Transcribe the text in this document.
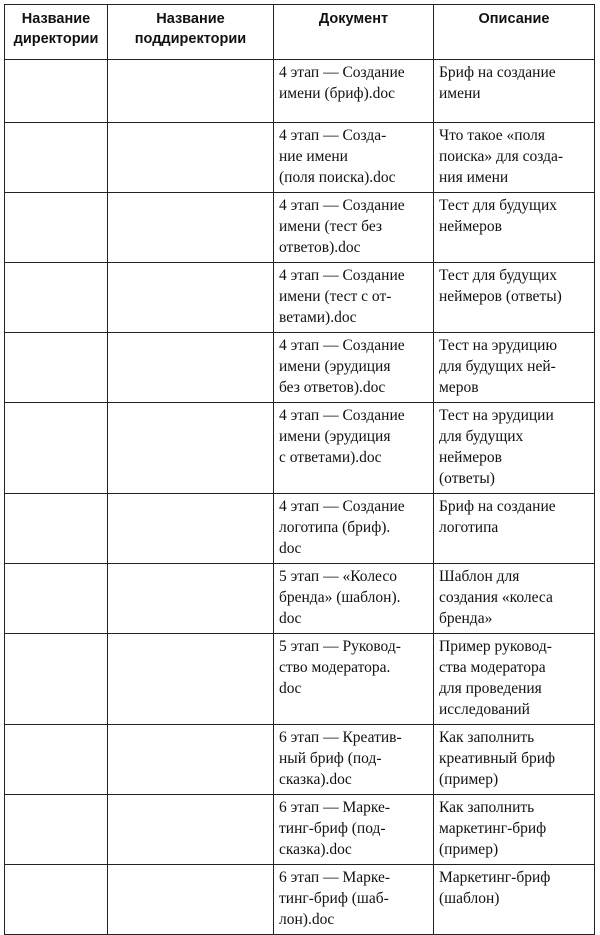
Название директории	Название поддиректории	Документ	Описание

		4 этап — Создание
имени (бриф).doc	Бриф на создание
имени

		4 этап — Созда-
ние имени
(поля поиска).doc	Что такое «поля
поиска» для созда-
ния имени

		4 этап — Создание
имени (тест без
ответов).doc	Тест для будущих
неймеров

		4 этап — Создание
имени (тест с от-
ветами).doc	Тест для будущих
неймеров (ответы)

		4 этап — Создание
имени (эрудиция
без ответов).doc	Тест на эрудицию
для будущих ней-
меров

		4 этап — Создание
имени (эрудиция
с ответами).doc	Тест на эрудиции
для будущих
неймеров
(ответы)

		4 этап — Создание
логотипа (бриф).
doc	Бриф на создание
логотипа

		5 этап — «Колесо
бренда» (шаблон).
doc	Шаблон для
создания «колеса
бренда»

		5 этап — Руковод-
ство модератора.
doc	Пример руковод-
ства модератора
для проведения
исследований

		6 этап — Креатив-
ный бриф (под-
сказка).doc	Как заполнить
креативный бриф
(пример)

		6 этап — Марке-
тинг-бриф (под-
сказка).doc	Как заполнить
маркетинг-бриф
(пример)

		6 этап — Марке-
тинг-бриф (шаб-
лон).doc	Маркетинг-бриф
(шаблон)
